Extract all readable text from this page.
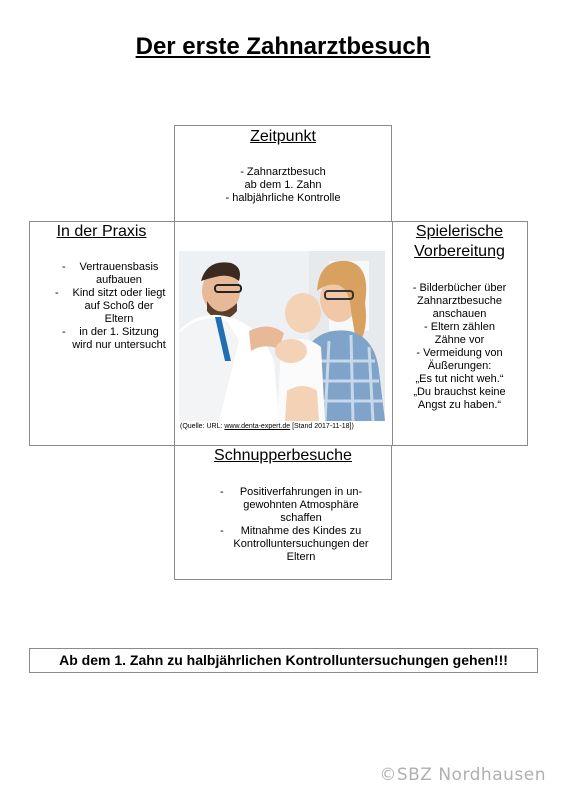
Der erste Zahnarztbesuch
Zeitpunkt
- Zahnarztbesuch
ab dem 1. Zahn
- halbjährliche Kontrolle
In der Praxis
-	Vertrauensbasis
aufbauen
-	Kind sitzt oder liegt
auf Schoß der
Eltern
-	in der 1. Sitzung
wird nur untersucht
(Quelle: URL: www.denta-expert.de [Stand 2017-11-18])
Spielerische
Vorbereitung
- Bilderbücher über
Zahnarztbesuche
anschauen
- Eltern zählen
Zähne vor
- Vermeidung von
Äußerungen:
„Es tut nicht weh.“
„Du brauchst keine
Angst zu haben.“
Schnupperbesuche
-	Positiverfahrungen in un-
gewohnten Atmosphäre
schaffen
-	Mitnahme des Kindes zu
Kontrolluntersuchungen der
Eltern
Ab dem 1. Zahn zu halbjährlichen Kontrolluntersuchungen gehen!!!
©SBZ Nordhausen
